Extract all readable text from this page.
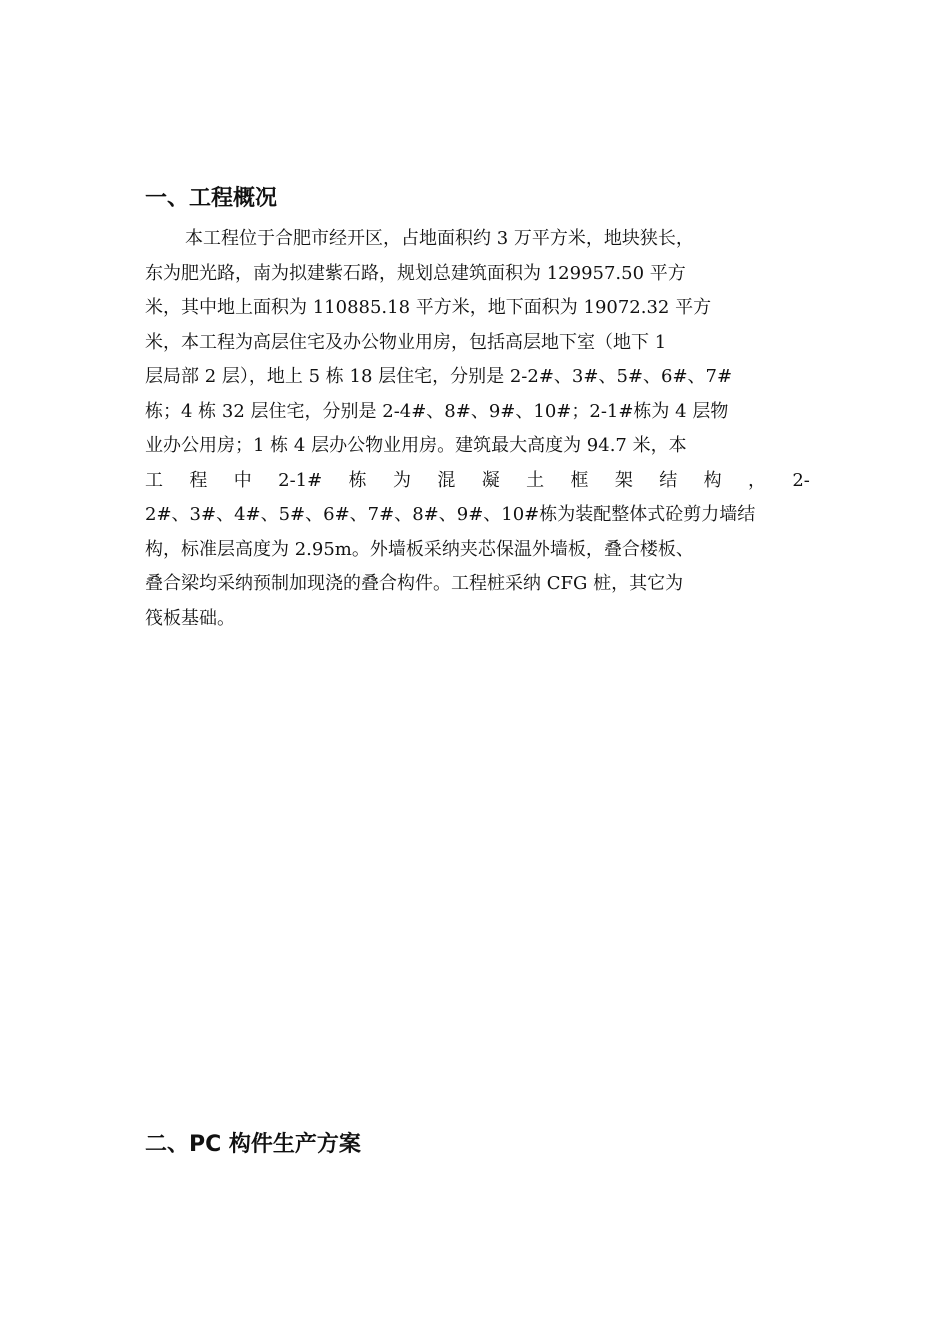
一、工程概况
本工程位于合肥市经开区，占地面积约 3 万平方米，地块狭长，
东为肥光路，南为拟建紫石路，规划总建筑面积为 129957.50 平方
米，其中地上面积为 110885.18 平方米，地下面积为 19072.32 平方
米，本工程为高层住宅及办公物业用房，包括高层地下室（地下 1
层局部 2 层），地上 5 栋 18 层住宅，分别是 2-2#、3#、5#、6#、7#
栋；4 栋 32 层住宅，分别是 2-4#、8#、9#、10#；2-1#栋为 4 层物
业办公用房；1 栋 4 层办公物业用房。建筑最大高度为 94.7 米，本
工 程 中 2-1# 栋 为 混 凝 土 框 架 结 构 ， 2-
2#、3#、4#、5#、6#、7#、8#、9#、10#栋为装配整体式砼剪力墙结
构，标准层高度为 2.95m。外墙板采纳夹芯保温外墙板，叠合楼板、
叠合梁均采纳预制加现浇的叠合构件。工程桩采纳 CFG 桩，其它为
筏板基础。
二、PC 构件生产方案
